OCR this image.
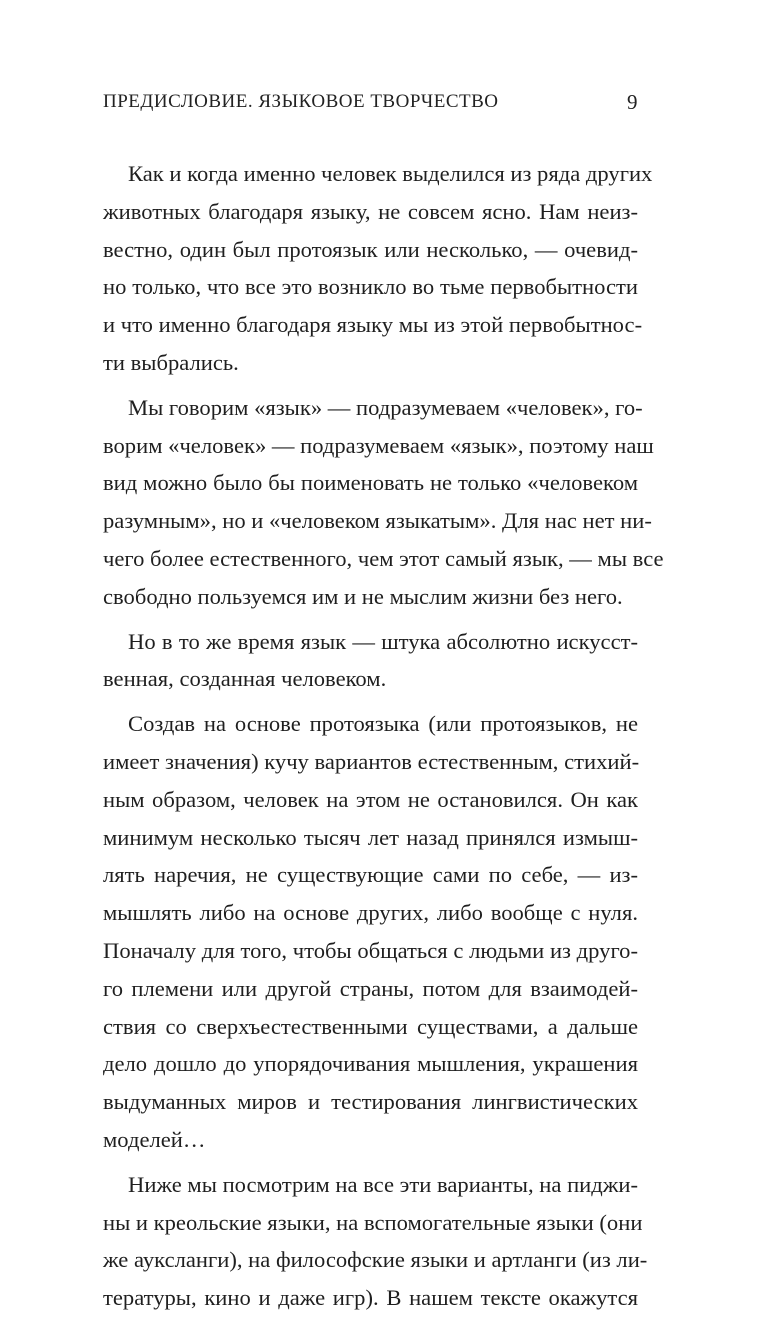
ПРЕДИСЛОВИЕ. ЯЗЫКОВОЕ ТВОРЧЕСТВО	9
Как и когда именно человек выделился из ряда других
животных благодаря языку, не совсем ясно. Нам неиз-
вестно, один был протоязык или несколько, — очевид-
но только, что все это возникло во тьме первобытности
и что именно благодаря языку мы из этой первобытнос-
ти выбрались.
Мы говорим «язык» — подразумеваем «человек», го-
ворим «человек» — подразумеваем «язык», поэтому наш
вид можно было бы поименовать не только «человеком
разумным», но и «человеком языкатым». Для нас нет ни-
чего более естественного, чем этот самый язык, — мы все
свободно пользуемся им и не мыслим жизни без него.
Но в то же время язык — штука абсолютно искусст-
венная, созданная человеком.
Создав на основе протоязыка (или протоязыков, не
имеет значения) кучу вариантов естественным, стихий-
ным образом, человек на этом не остановился. Он как
минимум несколько тысяч лет назад принялся измыш-
лять наречия, не существующие сами по себе, — из-
мышлять либо на основе других, либо вообще с нуля.
Поначалу для того, чтобы общаться с людьми из друго-
го племени или другой страны, потом для взаимодей-
ствия со сверхъестественными существами, а дальше
дело дошло до упорядочивания мышления, украшения
выдуманных миров и тестирования лингвистических
моделей…
Ниже мы посмотрим на все эти варианты, на пиджи-
ны и креольские языки, на вспомогательные языки (они
же ауксланги), на философские языки и артланги (из ли-
тературы, кино и даже игр). В нашем тексте окажутся
